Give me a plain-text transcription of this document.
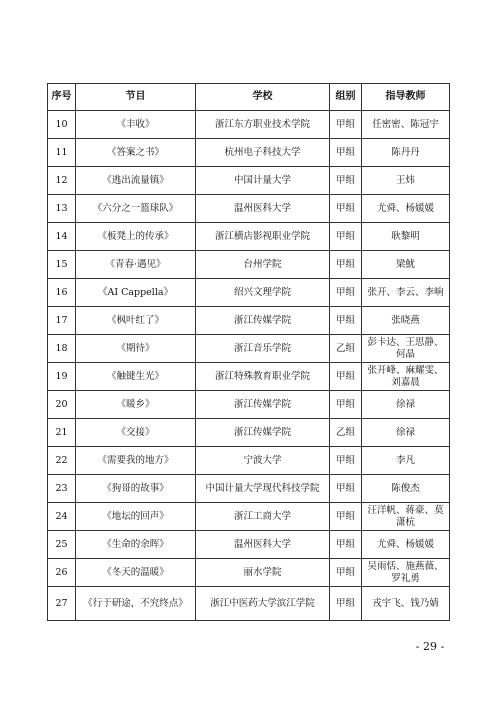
序号	节目	学校	组别	指导教师
10	《丰收》	浙江东方职业技术学院	甲组	任密密、陈冠宇
11	《答案之书》	杭州电子科技大学	甲组	陈丹丹
12	《逃出流量镇》	中国计量大学	甲组	王炜
13	《六分之一篮球队》	温州医科大学	甲组	尤舜、杨媛媛
14	《板凳上的传承》	浙江横店影视职业学院	甲组	耿黎明
15	《青春·遇见》	台州学院	甲组	梁魷
16	《AI Cappella》	绍兴文理学院	甲组	张开、李云、李响
17	《枫叶红了》	浙江传媒学院	甲组	张晓燕
18	《期待》	浙江音乐学院	乙组	彭卡达、王思静、何晶
19	《触键生光》	浙江特殊教育职业学院	甲组	张开峰、麻耀雯、刘嘉晨
20	《暖乡》	浙江传媒学院	甲组	徐禄
21	《交接》	浙江传媒学院	乙组	徐禄
22	《需要我的地方》	宁波大学	甲组	李凡
23	《狗哥的故事》	中国计量大学现代科技学院	甲组	陈俊杰
24	《地坛的回声》	浙江工商大学	甲组	汪洋帆、蒋豪、莫潇杭
25	《生命的余晖》	温州医科大学	甲组	尤舜、杨媛媛
26	《冬天的温暖》	丽水学院	甲组	吴雨恬、施燕薇、罗礼勇
27	《行于研途，不究终点》	浙江中医药大学滨江学院	甲组	戎宇飞、钱乃婧
- 29 -
